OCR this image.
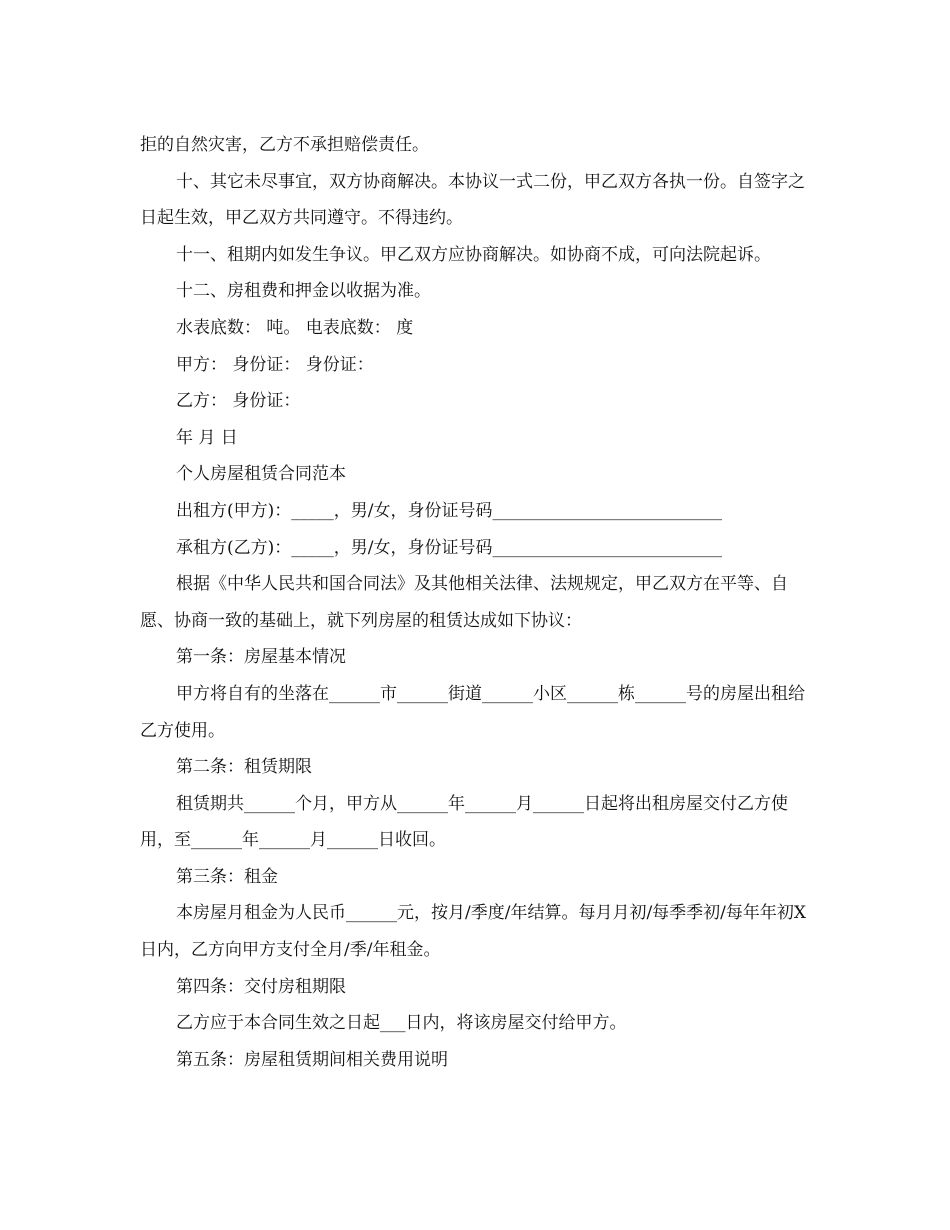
拒的自然灾害，乙方不承担赔偿责任。

十、其它未尽事宜，双方协商解决。本协议一式二份，甲乙双方各执一份。自签字之日起生效，甲乙双方共同遵守。不得违约。

十一、租期内如发生争议。甲乙双方应协商解决。如协商不成，可向法院起诉。

十二、房租费和押金以收据为准。

水表底数： 吨。 电表底数： 度

甲方： 身份证： 身份证：

乙方： 身份证：

年 月 日

个人房屋租赁合同范本

出租方(甲方)：_____，男/女，身份证号码___________________________

承租方(乙方)：_____，男/女，身份证号码___________________________

根据《中华人民共和国合同法》及其他相关法律、法规规定，甲乙双方在平等、自愿、协商一致的基础上，就下列房屋的租赁达成如下协议：

第一条：房屋基本情况

甲方将自有的坐落在______市______街道______小区______栋______号的房屋出租给乙方使用。

第二条：租赁期限

租赁期共______个月，甲方从______年______月______日起将出租房屋交付乙方使用，至______年______月______日收回。

第三条：租金

本房屋月租金为人民币______元，按月/季度/年结算。每月月初/每季季初/每年年初X日内，乙方向甲方支付全月/季/年租金。

第四条：交付房租期限

乙方应于本合同生效之日起___日内，将该房屋交付给甲方。

第五条：房屋租赁期间相关费用说明
